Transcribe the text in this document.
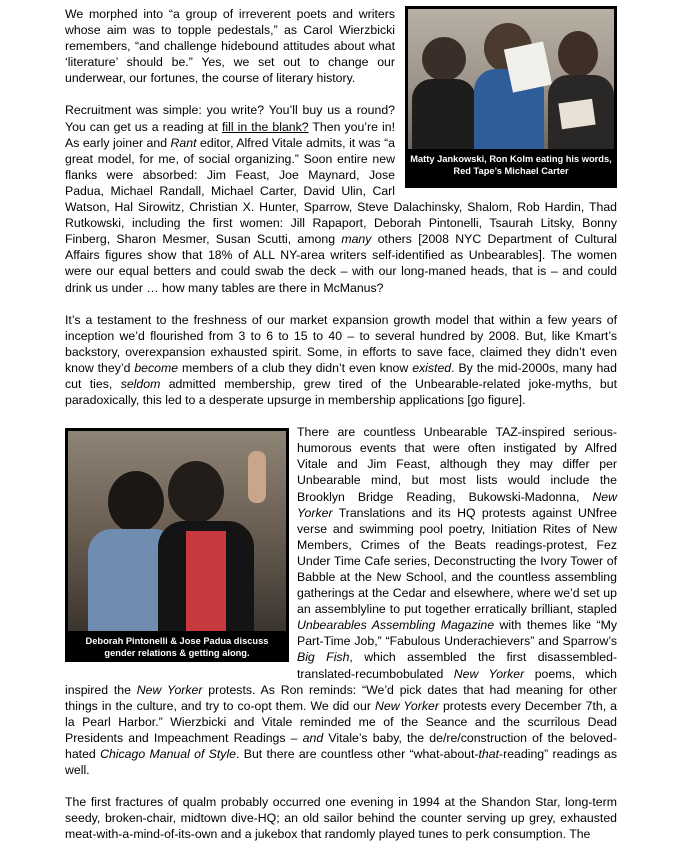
Matty Jankowski, Ron Kolm eating his words, Red Tape’s Michael Carter

We morphed into “a group of irreverent poets and writers whose aim was to topple pedestals,” as Carol Wierzbicki remembers, “and challenge hidebound attitudes about what ‘literature’ should be.” Yes, we set out to change our underwear, our fortunes, the course of literary history.

Recruitment was simple: you write? You’ll buy us a round? You can get us a reading at fill in the blank? Then you’re in! As early joiner and Rant editor, Alfred Vitale admits, it was “a great model, for me, of social organizing.” Soon entire new flanks were absorbed: Jim Feast, Joe Maynard, Jose Padua, Michael Randall, Michael Carter, David Ulin, Carl Watson, Hal Sirowitz, Christian X. Hunter, Sparrow, Steve Dalachinsky, Shalom, Rob Hardin, Thad Rutkowski, including the first women: Jill Rapaport, Deborah Pintonelli, Tsaurah Litsky, Bonny Finberg, Sharon Mesmer, Susan Scutti, among many others [2008 NYC Department of Cultural Affairs figures show that 18% of ALL NY-area writers self-identified as Unbearables]. The women were our equal betters and could swab the deck – with our long-maned heads, that is – and could drink us under … how many tables are there in McManus?

It’s a testament to the freshness of our market expansion growth model that within a few years of inception we’d flourished from 3 to 6 to 15 to 40 – to several hundred by 2008. But, like Kmart’s backstory, overexpansion exhausted spirit. Some, in efforts to save face, claimed they didn’t even know they’d become members of a club they didn’t even know existed. By the mid-2000s, many had cut ties, seldom admitted membership, grew tired of the Unbearable-related joke-myths, but paradoxically, this led to a desperate upsurge in membership applications [go figure].

Deborah Pintonelli & Jose Padua discuss gender relations & getting along.

There are countless Unbearable TAZ-inspired serious-humorous events that were often instigated by Alfred Vitale and Jim Feast, although they may differ per Unbearable mind, but most lists would include the Brooklyn Bridge Reading, Bukowski-Madonna, New Yorker Translations and its HQ protests against UNfree verse and swimming pool poetry, Initiation Rites of New Members, Crimes of the Beats readings-protest, Fez Under Time Cafe series, Deconstructing the Ivory Tower of Babble at the New School, and the countless assembling gatherings at the Cedar and elsewhere, where we’d set up an assemblyline to put together erratically brilliant, stapled Unbearables Assembling Magazine with themes like “My Part-Time Job,” “Fabulous Underachievers” and Sparrow’s Big Fish, which assembled the first disassembled-translated-recumbobulated New Yorker poems, which inspired the New Yorker protests. As Ron reminds: “We’d pick dates that had meaning for other things in the culture, and try to co-opt them. We did our New Yorker protests every December 7th, a la Pearl Harbor.” Wierzbicki and Vitale reminded me of the Seance and the scurrilous Dead Presidents and Impeachment Readings – and Vitale’s baby, the de/re/construction of the beloved-hated Chicago Manual of Style. But there are countless other “what-about-that-reading” readings as well.

The first fractures of qualm probably occurred one evening in 1994 at the Shandon Star, long-term seedy, broken-chair, midtown dive-HQ; an old sailor behind the counter serving up grey, exhausted meat-with-a-mind-of-its-own and a jukebox that randomly played tunes to perk consumption. The
